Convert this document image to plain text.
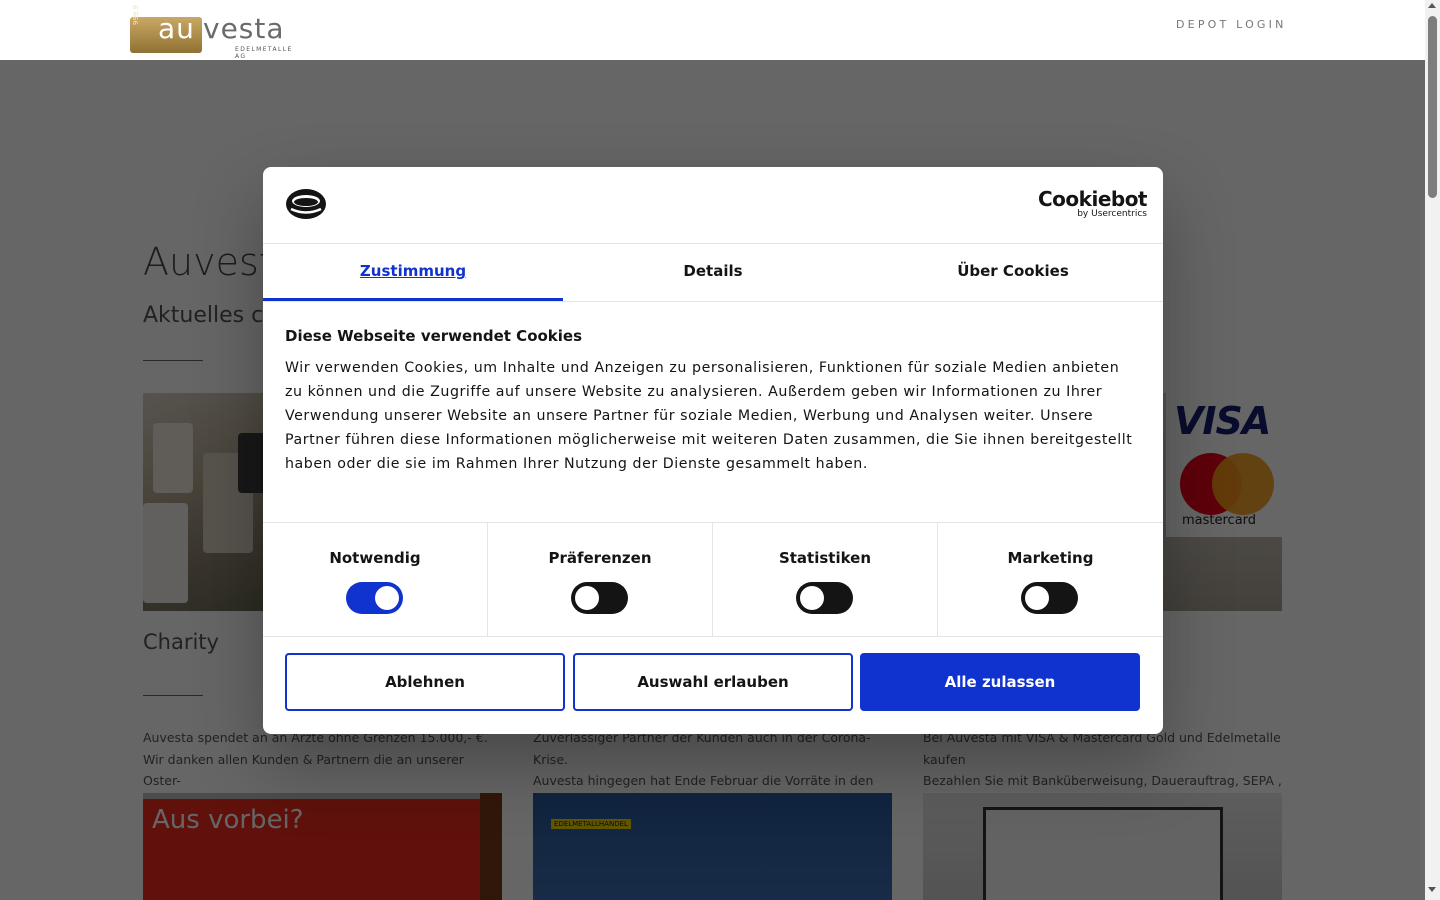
999.9 au vesta
EDELMETALLE AG
DEPOT LOGIN
Cookiebot
by Usercentrics
Zustimmung	Details	Über Cookies
Diese Webseite verwendet Cookies
Wir verwenden Cookies, um Inhalte und Anzeigen zu personalisieren, Funktionen für soziale Medien anbieten zu können und die Zugriffe auf unsere Website zu analysieren. Außerdem geben wir Informationen zu Ihrer Verwendung unserer Website an unsere Partner für soziale Medien, Werbung und Analysen weiter. Unsere Partner führen diese Informationen möglicherweise mit weiteren Daten zusammen, die Sie ihnen bereitgestellt haben oder die sie im Rahmen Ihrer Nutzung der Dienste gesammelt haben.
Notwendig	Präferenzen	Statistiken	Marketing
Ablehnen	Auswahl erlauben	Alle zulassen
